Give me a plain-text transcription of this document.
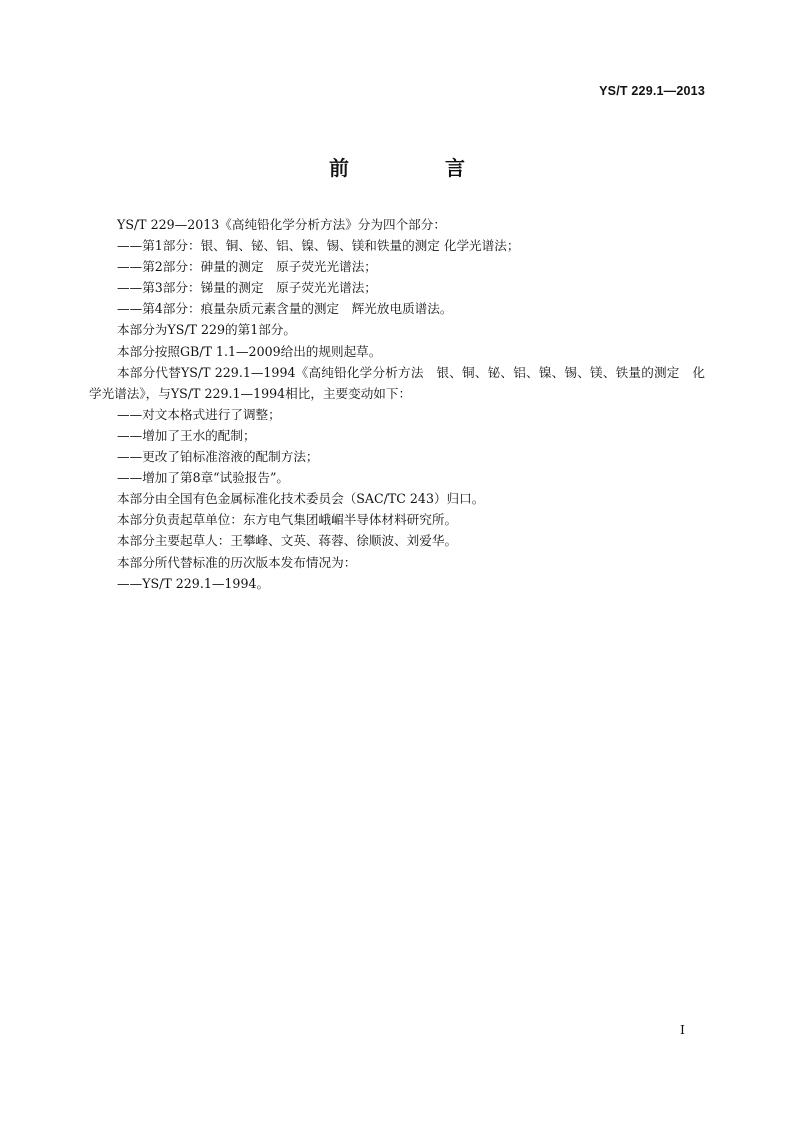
YS/T 229.1—2013
前　言

YS/T 229—2013《高纯铅化学分析方法》分为四个部分：

——第1部分：银、铜、铋、铝、镍、锡、镁和铁量的测定 化学光谱法；

——第2部分：砷量的测定　原子荧光光谱法；

——第3部分：锑量的测定　原子荧光光谱法；

——第4部分：痕量杂质元素含量的测定　辉光放电质谱法。

本部分为YS/T 229的第1部分。

本部分按照GB/T 1.1—2009给出的规则起草。

本部分代替YS/T 229.1—1994《高纯铅化学分析方法　银、铜、铋、铝、镍、锡、镁、铁量的测定　化学光谱法》，与YS/T 229.1—1994相比，主要变动如下：

——对文本格式进行了调整；

——增加了王水的配制；

——更改了铂标准溶液的配制方法；

——增加了第8章“试验报告”。

本部分由全国有色金属标准化技术委员会（SAC/TC 243）归口。

本部分负责起草单位：东方电气集团峨嵋半导体材料研究所。

本部分主要起草人：王攀峰、文英、蒋蓉、徐顺波、刘爱华。

本部分所代替标准的历次版本发布情况为：

——YS/T 229.1—1994。

I
